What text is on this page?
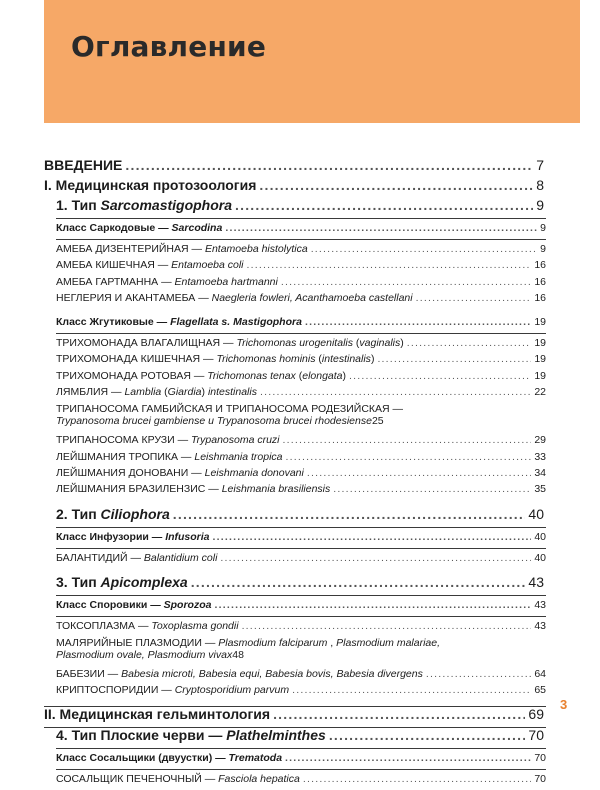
Оглавление
ВВЕДЕНИЕ .....	7
I. Медицинская протозоология .....	8
1. Тип Sarcomastigophora .....	9
Класс Саркодовые — Sarcodina .....	9
АМЕБА ДИЗЕНТЕРИЙНАЯ — Entamoeba histolytica .....	9
АМЕБА КИШЕЧНАЯ — Entamoeba coli .....	16
АМЕБА ГАРТМАННА — Entamoeba hartmanni .....	16
НЕГЛЕРИЯ И АКАНТАМЕБА — Naegleria fowleri, Acanthamoeba castellani .....	16
Класс Жгутиковые — Flagellata s. Mastigophora .....	19
ТРИХОМОНАДА ВЛАГАЛИЩНАЯ — Trichomonas urogenitalis (vaginalis) .....	19
ТРИХОМОНАДА КИШЕЧНАЯ — Trichomonas hominis (intestinalis) .....	19
ТРИХОМОНАДА РОТОВАЯ — Trichomonas tenax (elongata) .....	19
ЛЯМБЛИЯ — Lamblia (Giardia) intestinalis .....	22
ТРИПАНОСОМА ГАМБИЙСКАЯ И ТРИПАНОСОМА РОДЕЗИЙСКАЯ —
Trypanosoma brucei gambiense и Trypanosoma brucei rhodesiense 25
ТРИПАНОСОМА КРУЗИ — Trypanosoma cruzi .....	29
ЛЕЙШМАНИЯ ТРОПИКА — Leishmania tropica .....	33
ЛЕЙШМАНИЯ ДОНОВАНИ — Leishmania donovani .....	34
ЛЕЙШМАНИЯ БРАЗИЛЕНЗИС — Leishmania brasiliensis .....	35
2. Тип Ciliophora .....	40
Класс Инфузории — Infusoria .....	40
БАЛАНТИДИЙ — Balantidium coli .....	40
3. Тип Apicomplexa .....	43
Класс Споровики — Sporozoa .....	43
ТОКСОПЛАЗМА — Toxoplasma gondii .....	43
МАЛЯРИЙНЫЕ ПЛАЗМОДИИ — Plasmodium falciparum , Plasmodium malariae,
Plasmodium ovale, Plasmodium vivax 48
БАБЕЗИИ — Babesia microti, Babesia equi, Babesia bovis, Babesia divergens .....	64
КРИПТОСПОРИДИИ — Cryptosporidium parvum .....	65
II. Медицинская гельминтология .....	69
4. Тип Плоские черви — Plathelminthes .....	70
Класс Сосальщики (двуустки) — Trematoda .....	70
СОСАЛЬЩИК ПЕЧЕНОЧНЫЙ — Fasciola hepatica .....	70
3
